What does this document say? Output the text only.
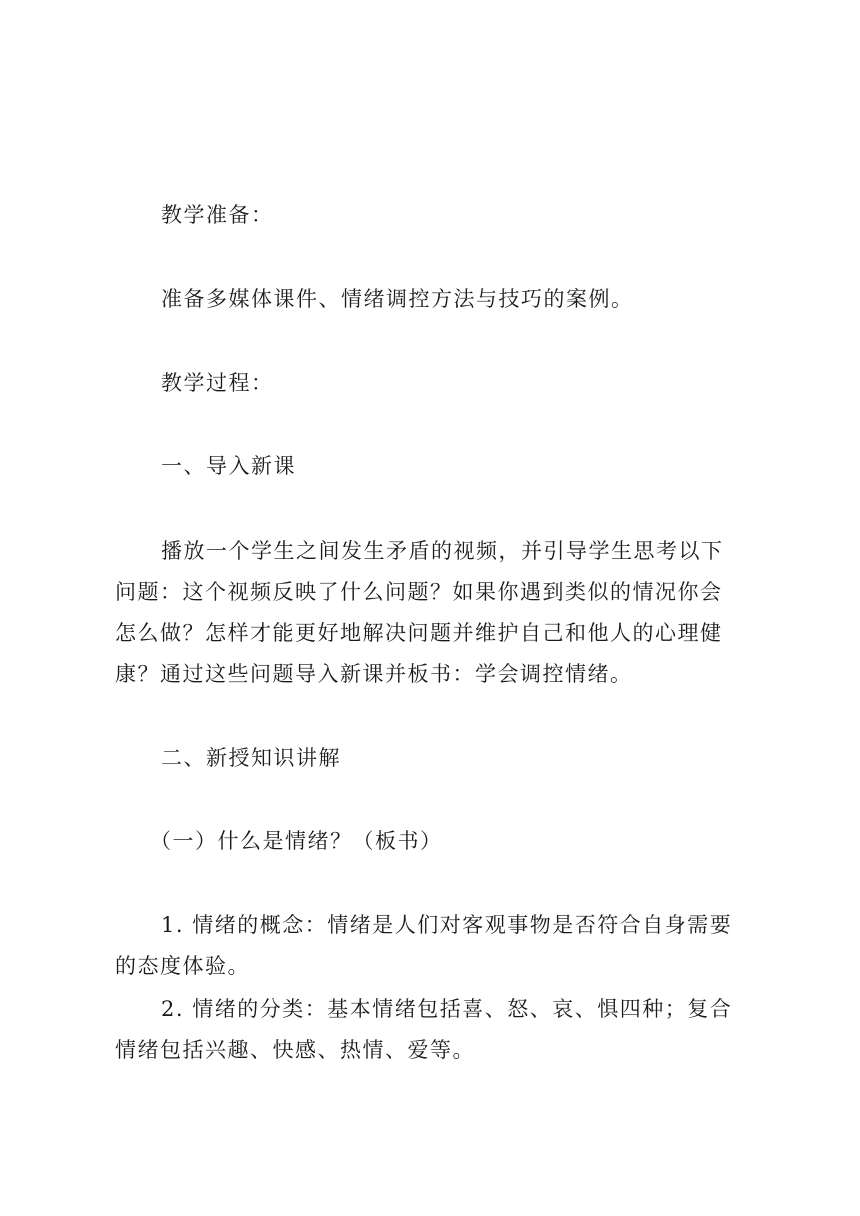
教学准备：

准备多媒体课件、情绪调控方法与技巧的案例。

教学过程：

一、导入新课

播放一个学生之间发生矛盾的视频，并引导学生思考以下问题：这个视频反映了什么问题？如果你遇到类似的情况你会怎么做？怎样才能更好地解决问题并维护自己和他人的心理健康？通过这些问题导入新课并板书：学会调控情绪。

二、新授知识讲解

（一）什么是情绪？（板书）

1. 情绪的概念：情绪是人们对客观事物是否符合自身需要的态度体验。

2. 情绪的分类：基本情绪包括喜、怒、哀、惧四种；复合情绪包括兴趣、快感、热情、爱等。
